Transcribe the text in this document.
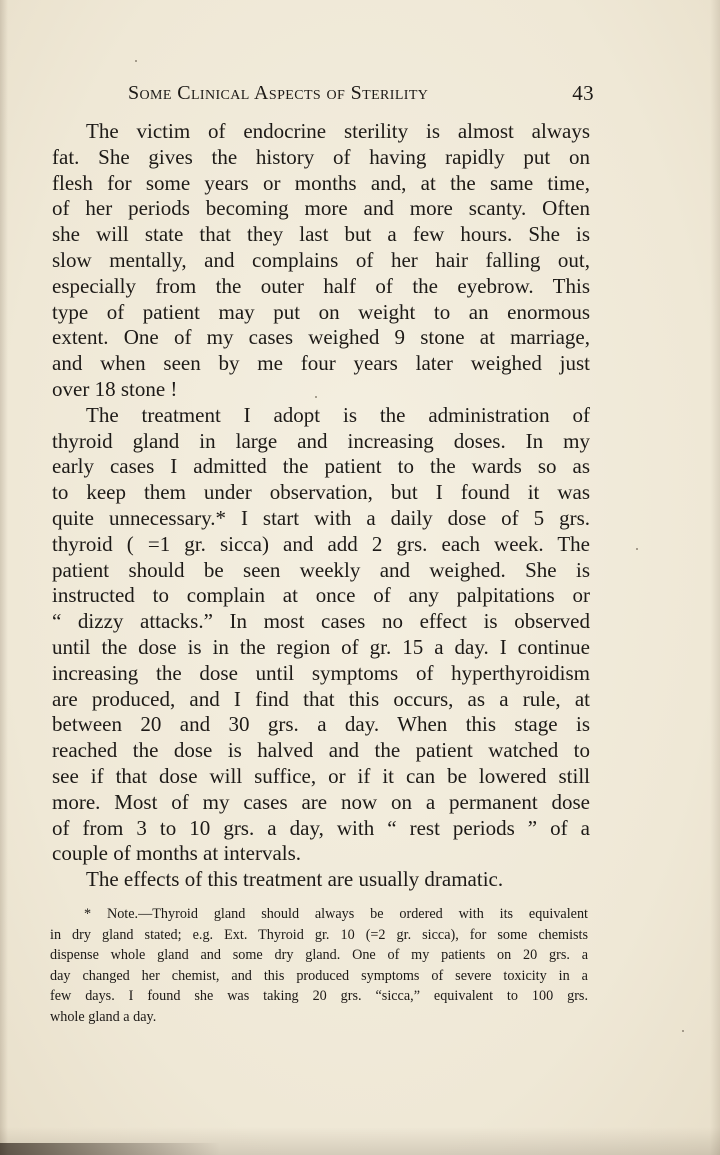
Some Clinical Aspects of Sterility	43
The victim of endocrine sterility is almost always
fat. She gives the history of having rapidly put on
flesh for some years or months and, at the same time,
of her periods becoming more and more scanty. Often
she will state that they last but a few hours. She is
slow mentally, and complains of her hair falling out,
especially from the outer half of the eyebrow. This
type of patient may put on weight to an enormous
extent. One of my cases weighed 9 stone at marriage,
and when seen by me four years later weighed just
over 18 stone !
The treatment I adopt is the administration of
thyroid gland in large and increasing doses. In my
early cases I admitted the patient to the wards so as
to keep them under observation, but I found it was
quite unnecessary.* I start with a daily dose of 5 grs.
thyroid ( =1 gr. sicca) and add 2 grs. each week. The
patient should be seen weekly and weighed. She is
instructed to complain at once of any palpitations or
“ dizzy attacks.” In most cases no effect is observed
until the dose is in the region of gr. 15 a day. I continue
increasing the dose until symptoms of hyperthyroidism
are produced, and I find that this occurs, as a rule, at
between 20 and 30 grs. a day. When this stage is
reached the dose is halved and the patient watched to
see if that dose will suffice, or if it can be lowered still
more. Most of my cases are now on a permanent dose
of from 3 to 10 grs. a day, with “ rest periods ” of a
couple of months at intervals.
The effects of this treatment are usually dramatic.
* Note.—Thyroid gland should always be ordered with its equivalent
in dry gland stated; e.g. Ext. Thyroid gr. 10 (=2 gr. sicca), for some chemists
dispense whole gland and some dry gland. One of my patients on 20 grs. a
day changed her chemist, and this produced symptoms of severe toxicity in a
few days. I found she was taking 20 grs. “sicca,” equivalent to 100 grs.
whole gland a day.
